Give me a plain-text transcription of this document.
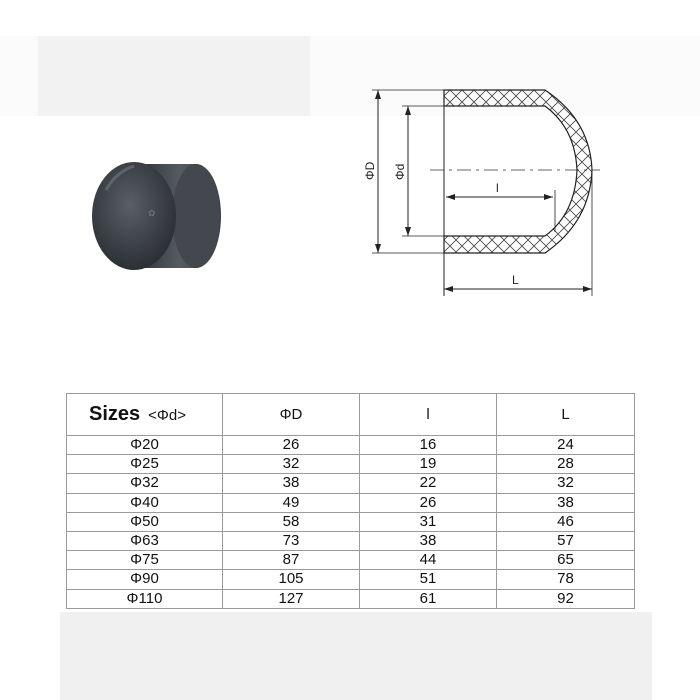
✿
ΦD Φd
l
L
Sizes <Φd>	ΦD	l	L
Φ20	26	16	24
Φ25	32	19	28
Φ32	38	22	32
Φ40	49	26	38
Φ50	58	31	46
Φ63	73	38	57
Φ75	87	44	65
Φ90	105	51	78
Φ110	127	61	92
